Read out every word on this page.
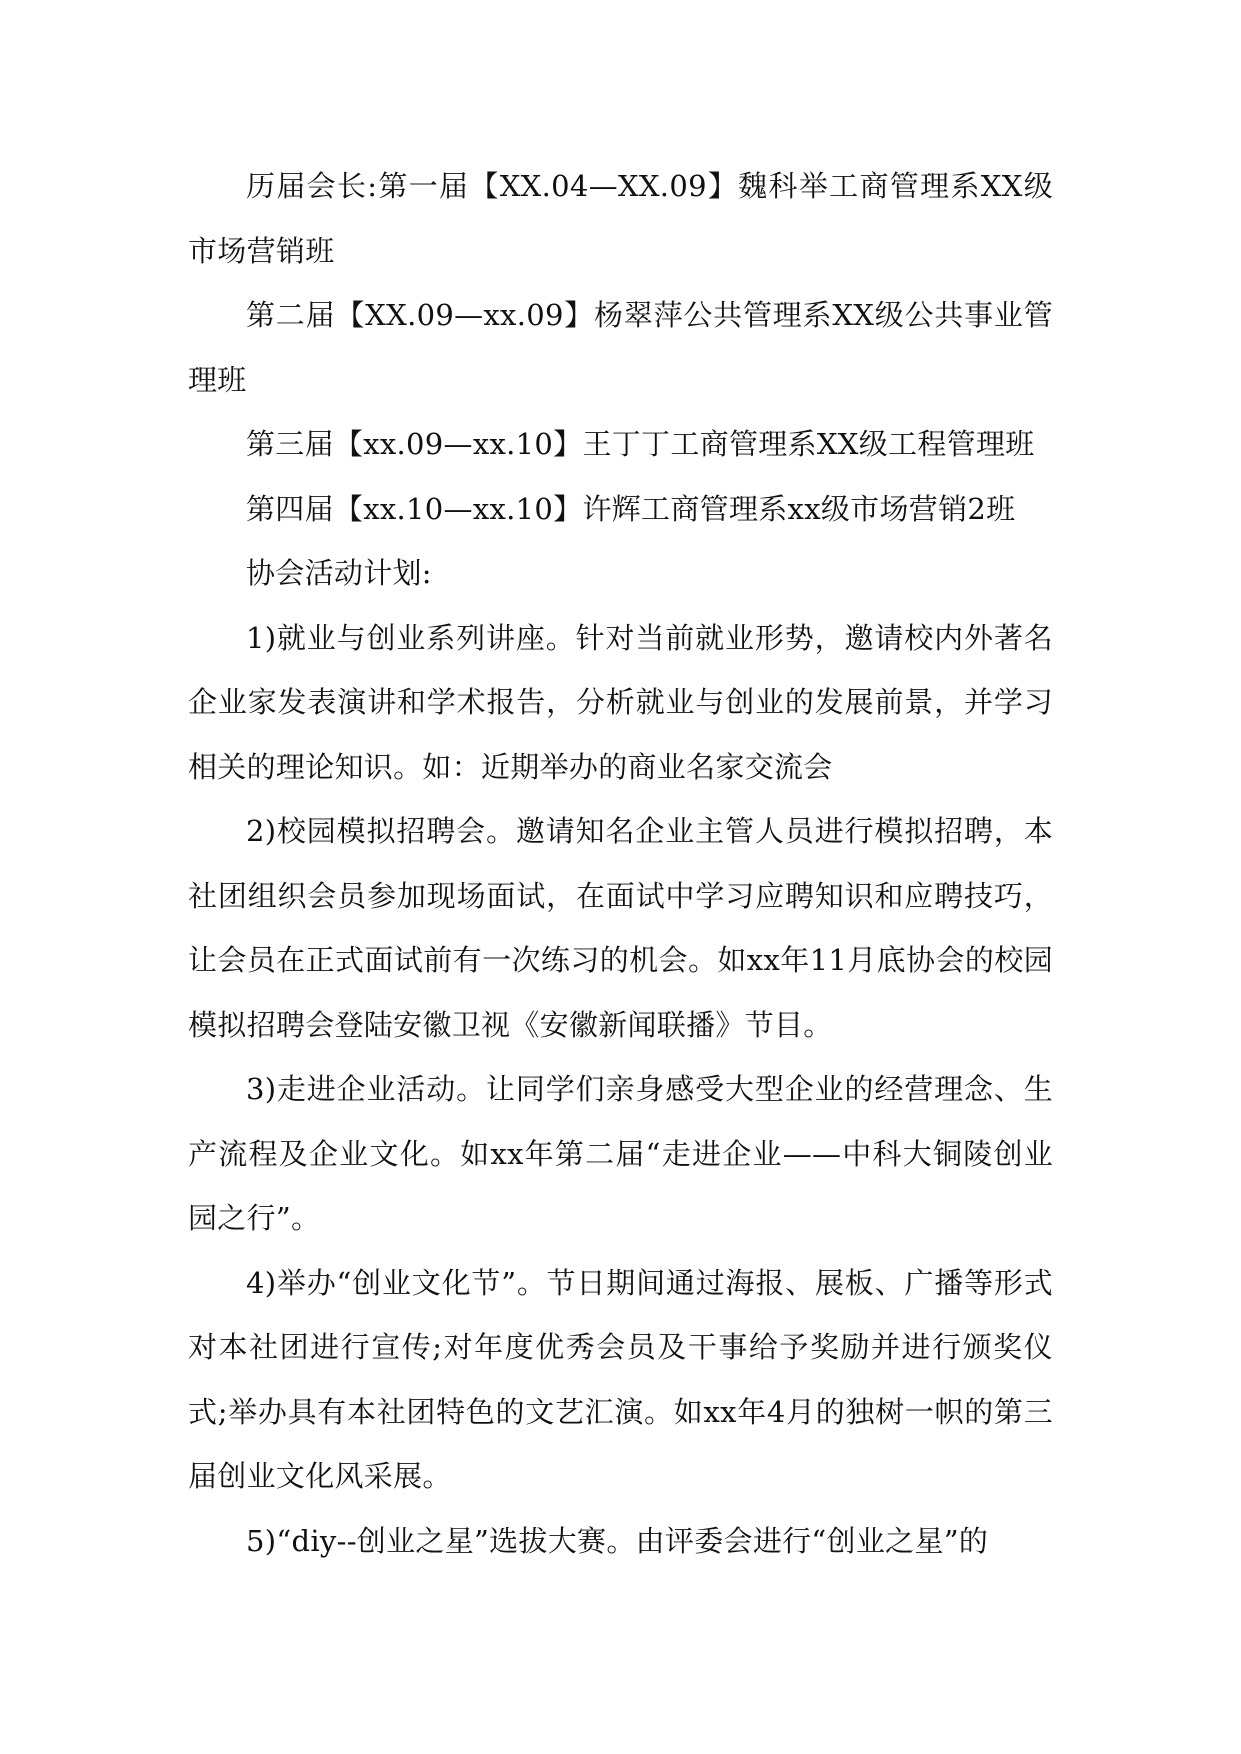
历届会长:第一届【XX.04—XX.09】魏科举工商管理系XX级市场营销班

第二届【XX.09—xx.09】杨翠萍公共管理系XX级公共事业管理班

第三届【xx.09—xx.10】王丁丁工商管理系XX级工程管理班

第四届【xx.10—xx.10】许辉工商管理系xx级市场营销2班

协会活动计划:

1)就业与创业系列讲座。针对当前就业形势，邀请校内外著名企业家发表演讲和学术报告，分析就业与创业的发展前景，并学习相关的理论知识。如：近期举办的商业名家交流会

2)校园模拟招聘会。邀请知名企业主管人员进行模拟招聘，本社团组织会员参加现场面试，在面试中学习应聘知识和应聘技巧，让会员在正式面试前有一次练习的机会。如xx年11月底协会的校园模拟招聘会登陆安徽卫视《安徽新闻联播》节目。

3)走进企业活动。让同学们亲身感受大型企业的经营理念、生产流程及企业文化。如xx年第二届“走进企业——中科大铜陵创业园之行”。

4)举办“创业文化节”。节日期间通过海报、展板、广播等形式对本社团进行宣传;对年度优秀会员及干事给予奖励并进行颁奖仪式;举办具有本社团特色的文艺汇演。如xx年4月的独树一帜的第三届创业文化风采展。

5)“diy--创业之星”选拔大赛。由评委会进行“创业之星”的
